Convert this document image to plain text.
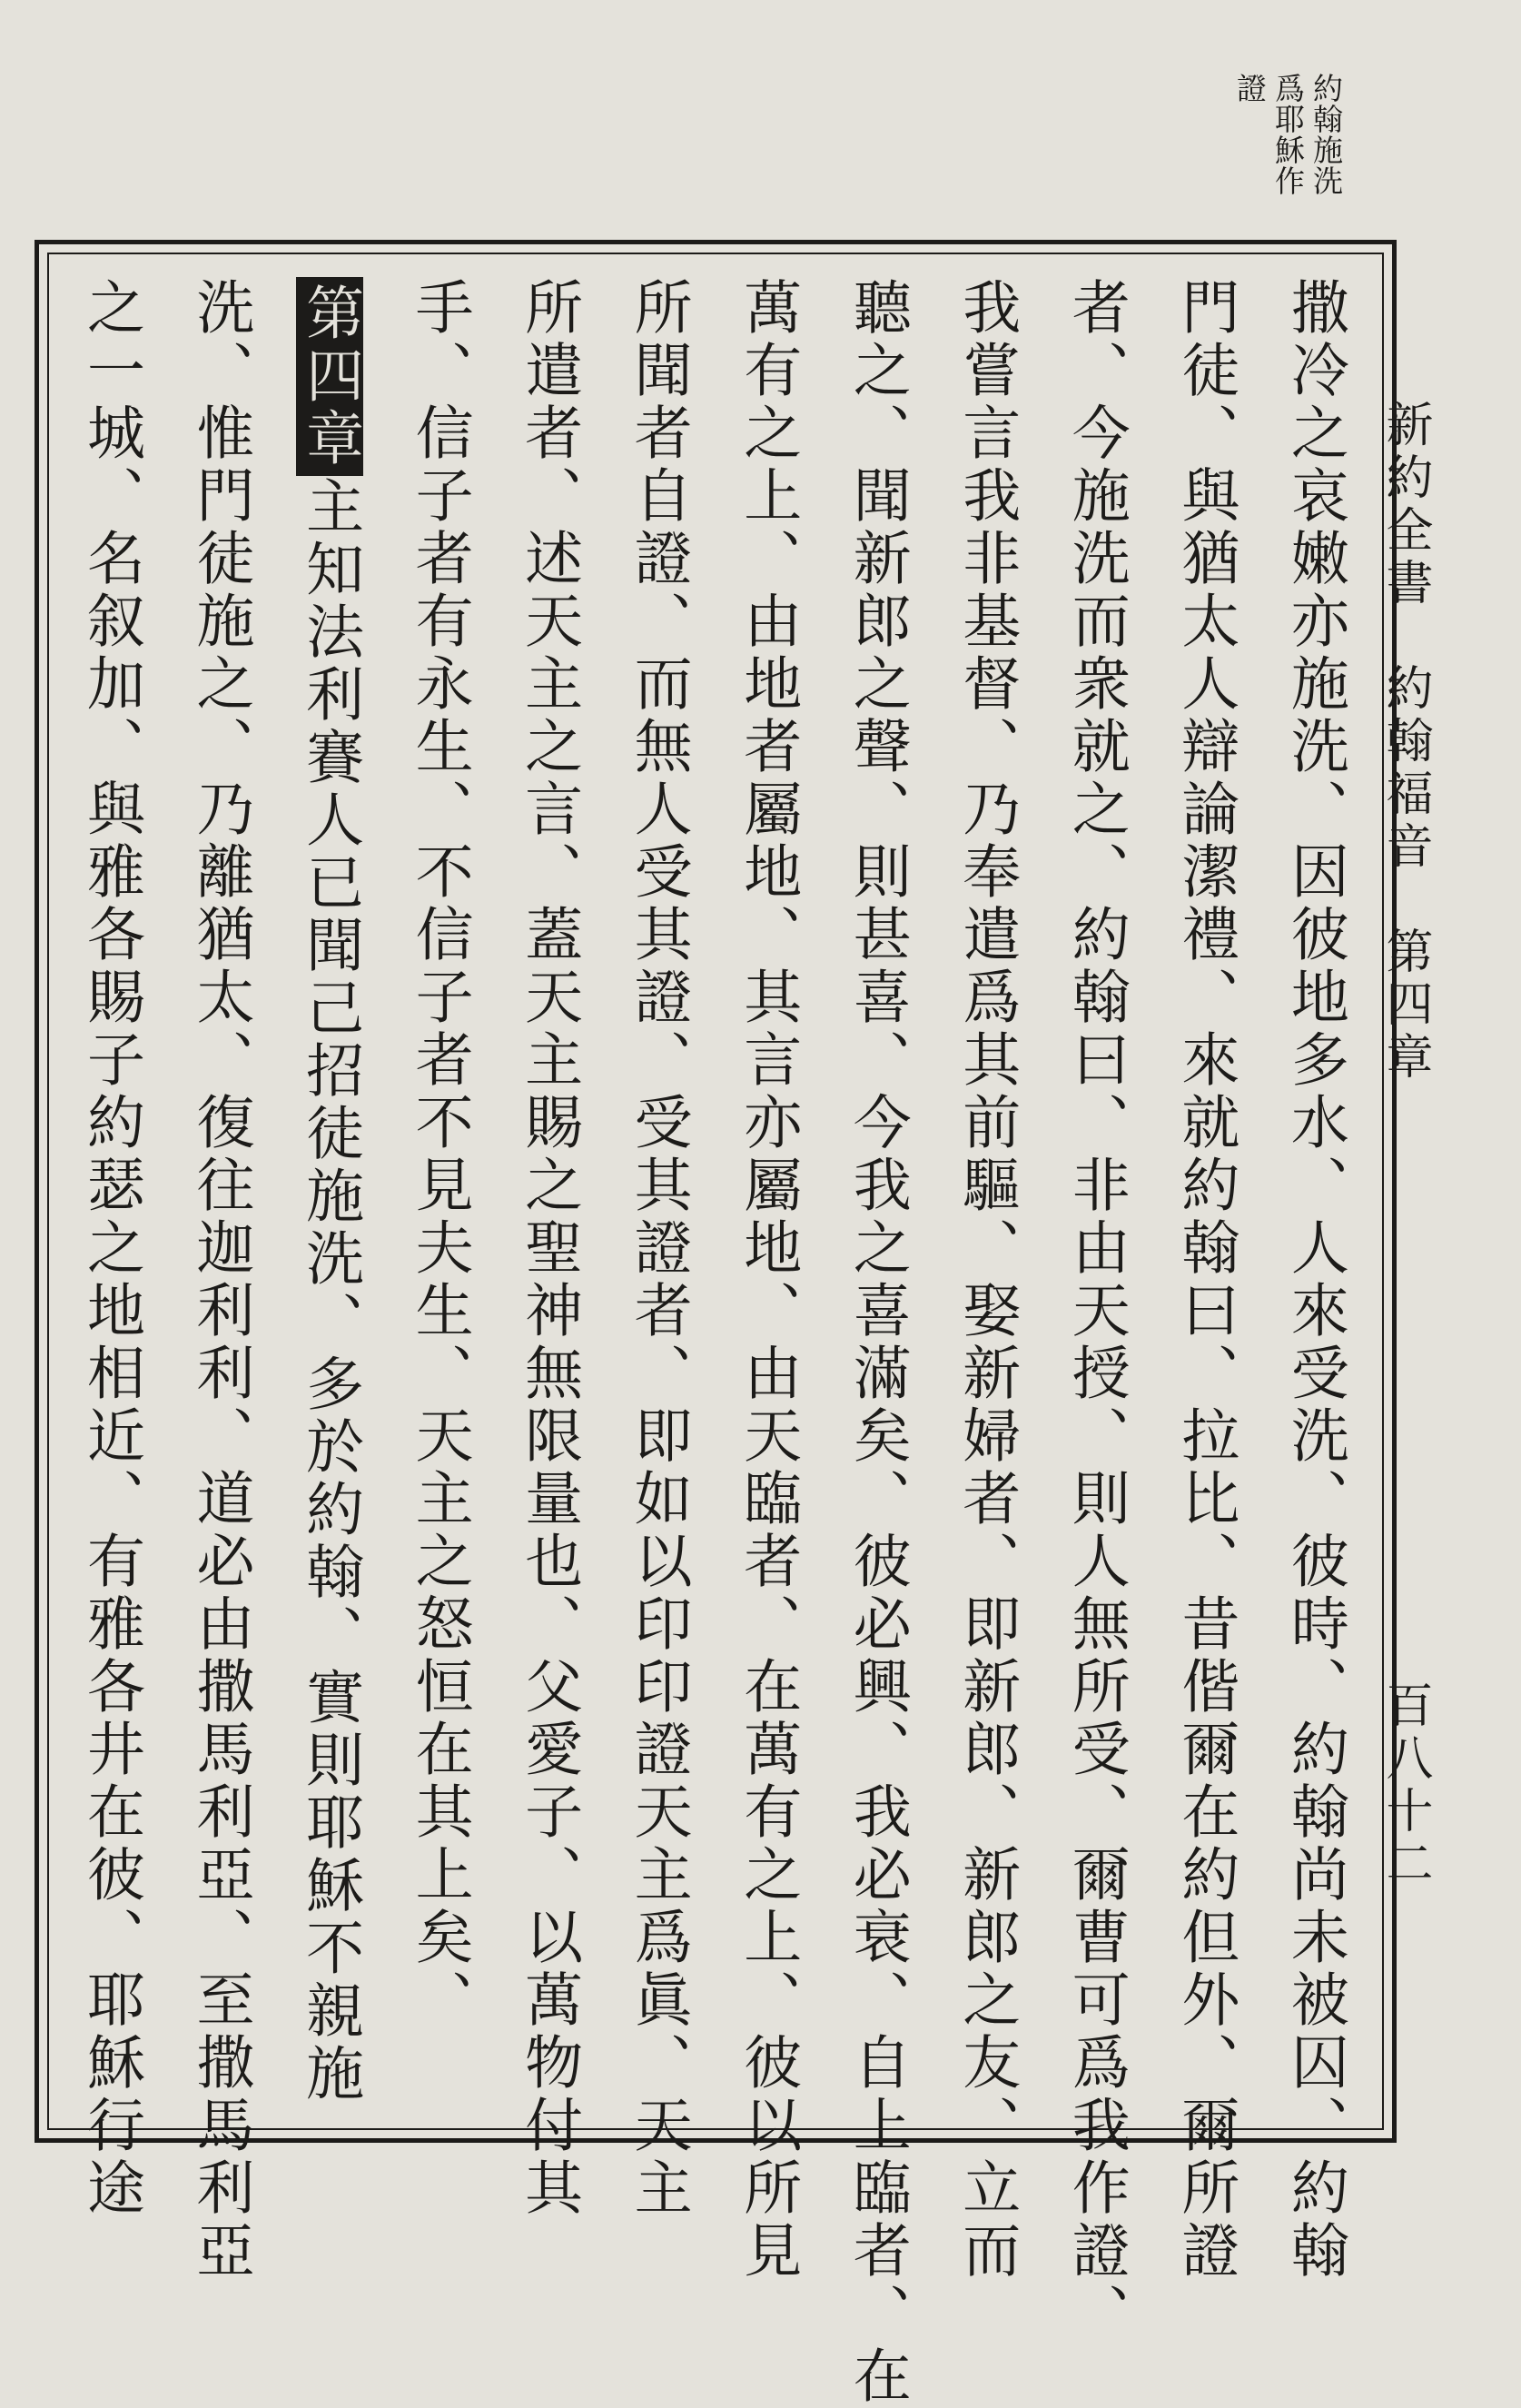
約翰施洗
爲耶穌作
證
新約全書　約翰福音　第四章
百八十二
撒冷之哀嫩亦施洗、因彼地多水、人來受洗、彼時、約翰尚未被囚、約翰
門徒、與猶太人辯論潔禮、來就約翰曰、拉比、昔偕爾在約但外、爾所證
者、今施洗而衆就之、約翰曰、非由天授、則人無所受、爾曹可爲我作證、
我嘗言我非基督、乃奉遣爲其前驅、娶新婦者、即新郎、新郎之友、立而
聽之、聞新郎之聲、則甚喜、今我之喜滿矣、彼必興、我必衰、自上臨者、在
萬有之上、由地者屬地、其言亦屬地、由天臨者、在萬有之上、彼以所見
所聞者自證、而無人受其證、受其證者、即如以印印證天主爲眞、天主
所遣者、述天主之言、蓋天主賜之聖神無限量也、父愛子、以萬物付其
手、信子者有永生、不信子者不見夫生、天主之怒恒在其上矣、
第四章主知法利賽人已聞己招徒施洗、多於約翰、實則耶穌不親施
洗、惟門徒施之、乃離猶太、復往迦利利、道必由撒馬利亞、至撒馬利亞
之一城、名叙加、與雅各賜子約瑟之地相近、有雅各井在彼、耶穌行途
